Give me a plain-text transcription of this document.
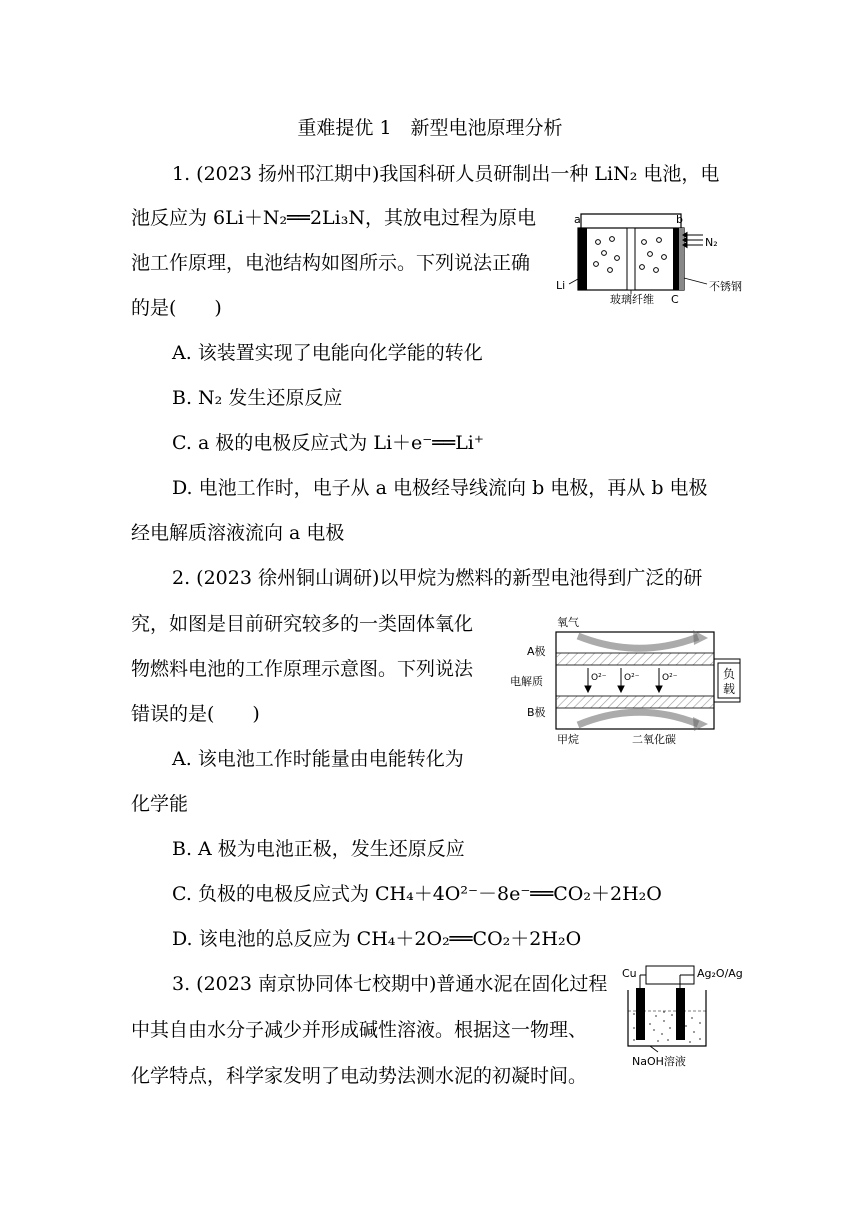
重难提优 1　新型电池原理分析
1. (2023 扬州邗江期中)我国科研人员研制出一种 LiN₂ 电池，电
池反应为 6Li＋N₂══2Li₃N，其放电过程为原电
池工作原理，电池结构如图所示。下列说法正确
的是(　　)
A. 该装置实现了电能向化学能的转化
B. N₂ 发生还原反应
C. a 极的电极反应式为 Li＋e⁻══Li⁺
D. 电池工作时，电子从 a 电极经导线流向 b 电极，再从 b 电极
经电解质溶液流向 a 电极
a	b
N₂
Li
玻璃纤维 C
不锈钢
2. (2023 徐州铜山调研)以甲烷为燃料的新型电池得到广泛的研
究，如图是目前研究较多的一类固体氧化
物燃料电池的工作原理示意图。下列说法
错误的是(　　)
A. 该电池工作时能量由电能转化为
化学能
B. A 极为电池正极，发生还原反应
C. 负极的电极反应式为 CH₄＋4O²⁻－8e⁻══CO₂＋2H₂O
D. 该电池的总反应为 CH₄＋2O₂══CO₂＋2H₂O
氧气
A极
电解质
B极
甲烷	二氧化碳
负
载
O²⁻ O²⁻	O²⁻
3. (2023 南京协同体七校期中)普通水泥在固化过程
中其自由水分子减少并形成碱性溶液。根据这一物理、
化学特点，科学家发明了电动势法测水泥的初凝时间。
Cu	Ag₂O/Ag
NaOH溶液
